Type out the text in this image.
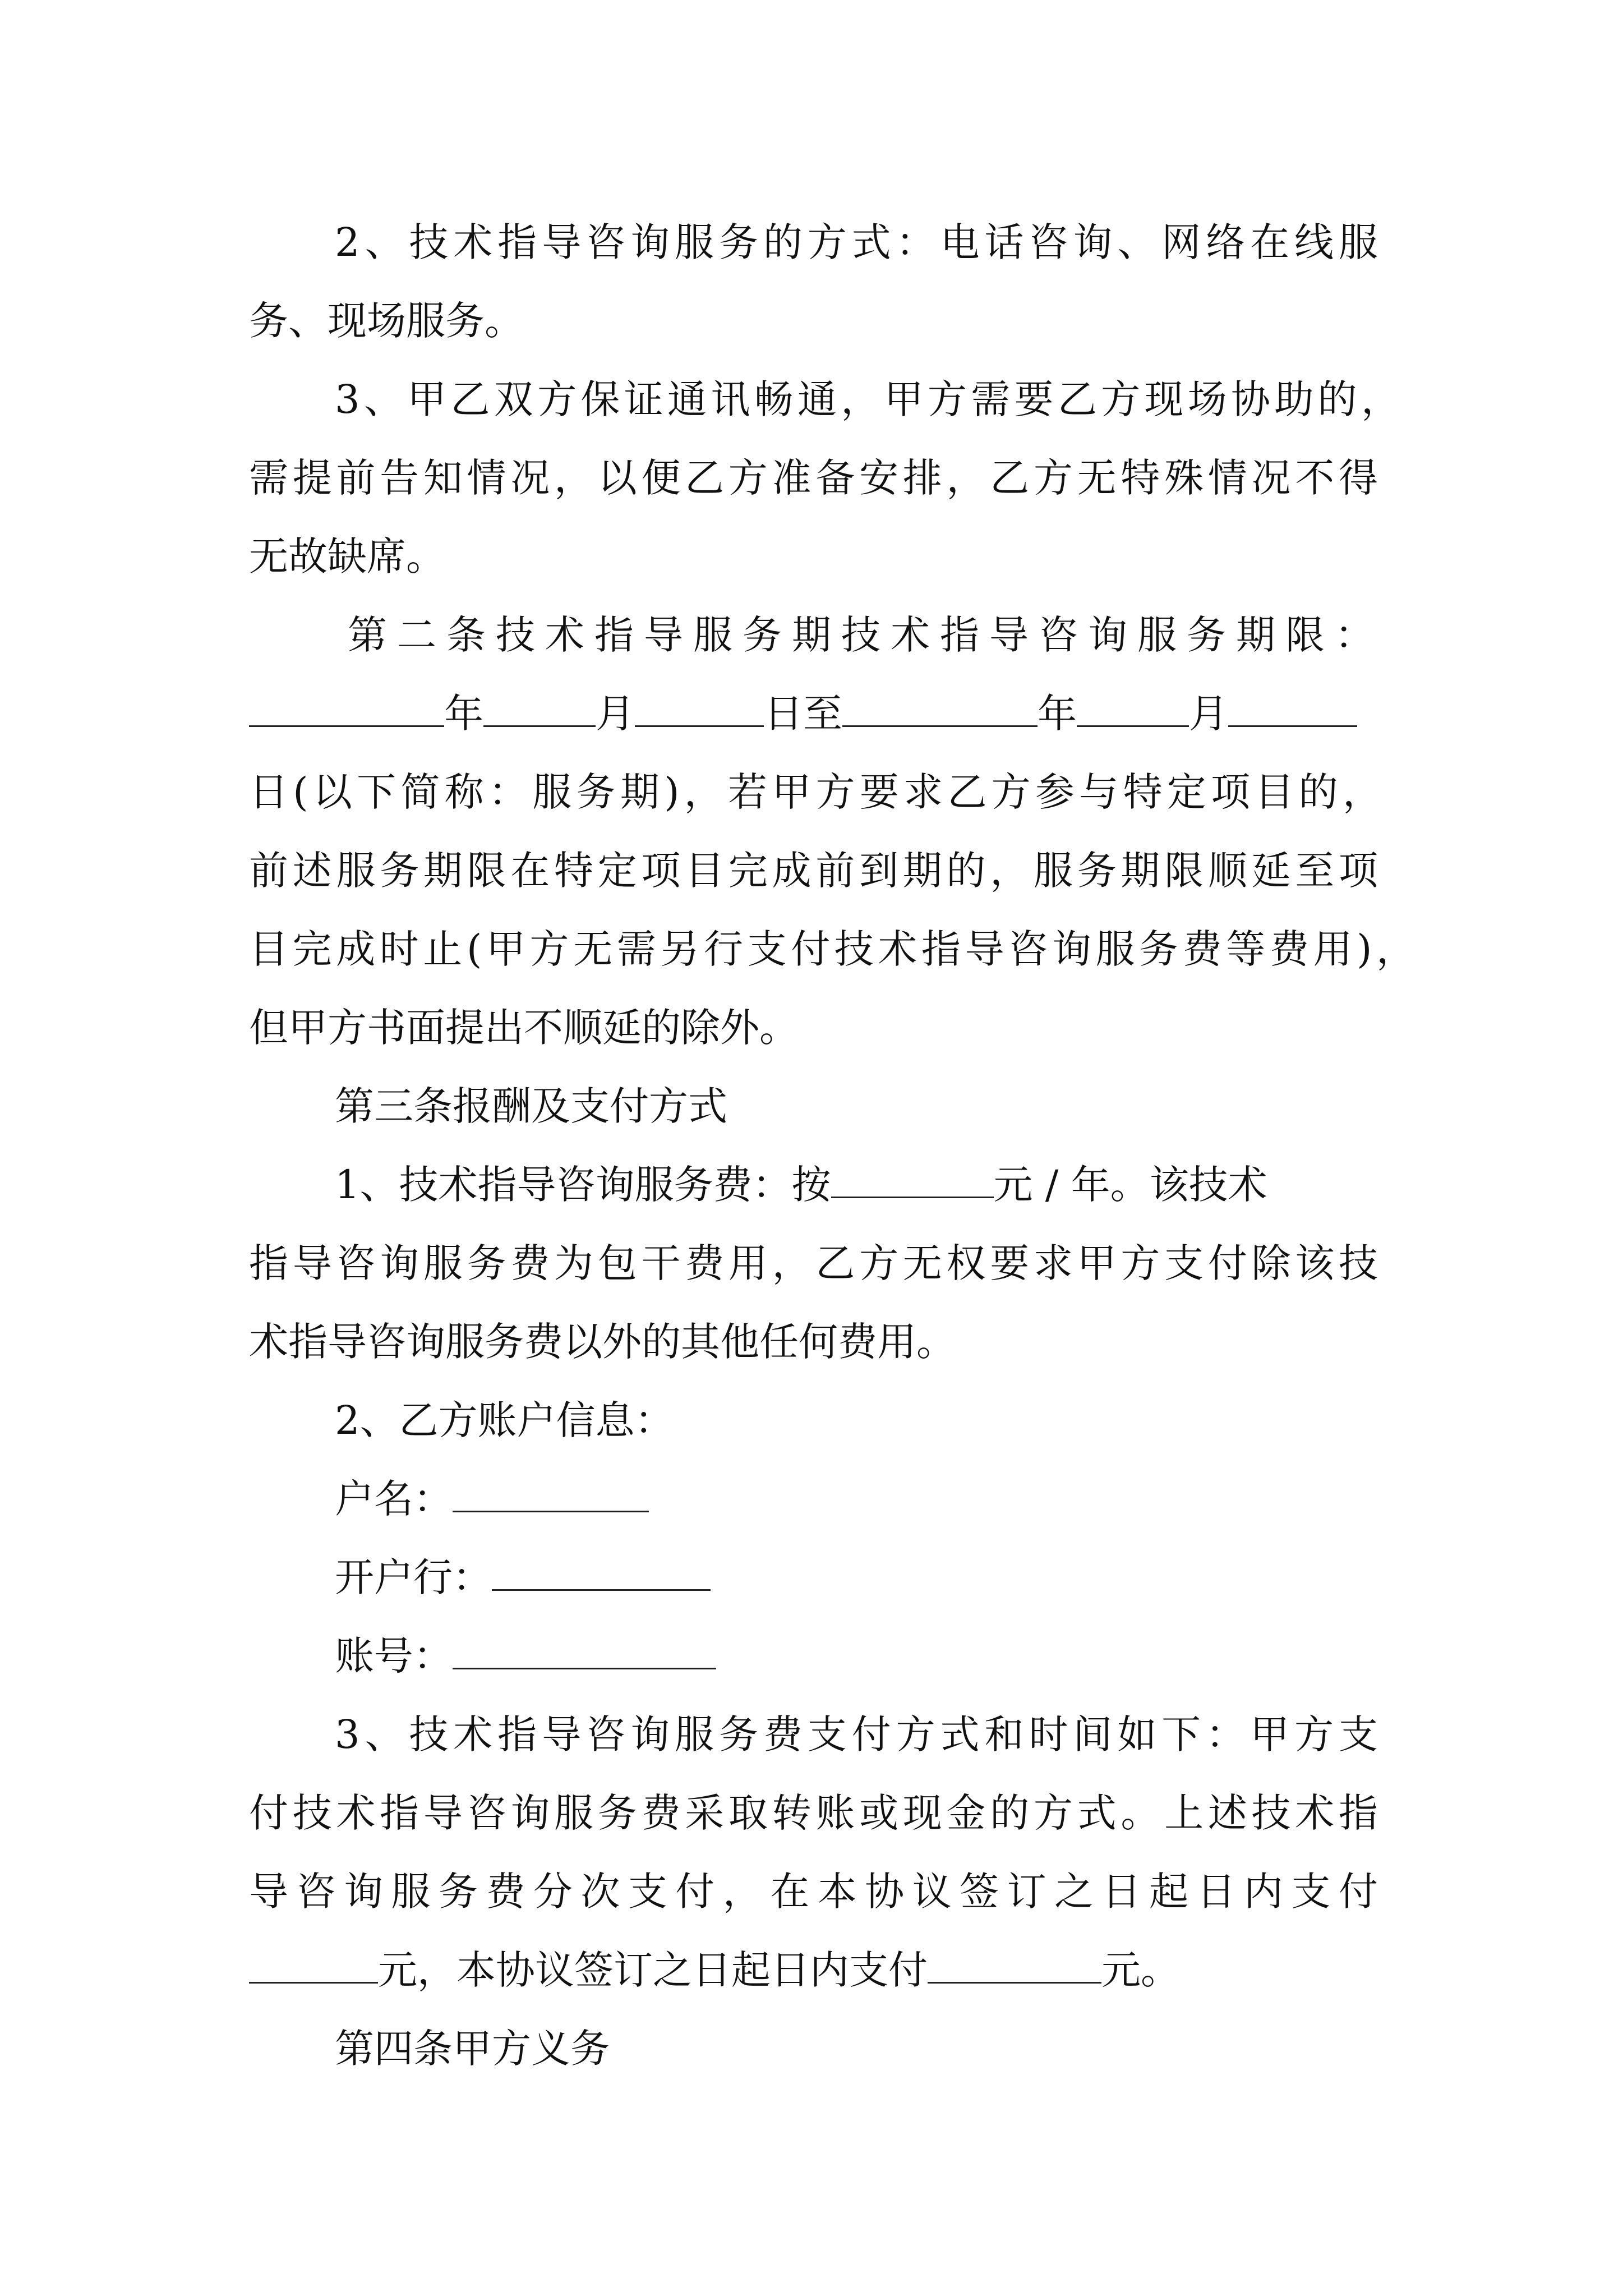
2、技术指导咨询服务的方式：电话咨询、网络在线服
务、现场服务。
3、甲乙双方保证通讯畅通，甲方需要乙方现场协助的，
需提前告知情况，以便乙方准备安排，乙方无特殊情况不得
无故缺席。
第二条技术指导服务期技术指导咨询服务期限：
年	月	日至	年	月
日(以下简称：服务期)，若甲方要求乙方参与特定项目的，
前述服务期限在特定项目完成前到期的，服务期限顺延至项
目完成时止(甲方无需另行支付技术指导咨询服务费等费用)，
但甲方书面提出不顺延的除外。
第三条报酬及支付方式
1、技术指导咨询服务费：按	元 / 年。该技术
指导咨询服务费为包干费用，乙方无权要求甲方支付除该技
术指导咨询服务费以外的其他任何费用。
2、乙方账户信息：
户名：
开户行：
账号：
3、技术指导咨询服务费支付方式和时间如下：甲方支
付技术指导咨询服务费采取转账或现金的方式。上述技术指
导咨询服务费分次支付，在本协议签订之日起日内支付
元，本协议签订之日起日内支付	元。
第四条甲方义务
